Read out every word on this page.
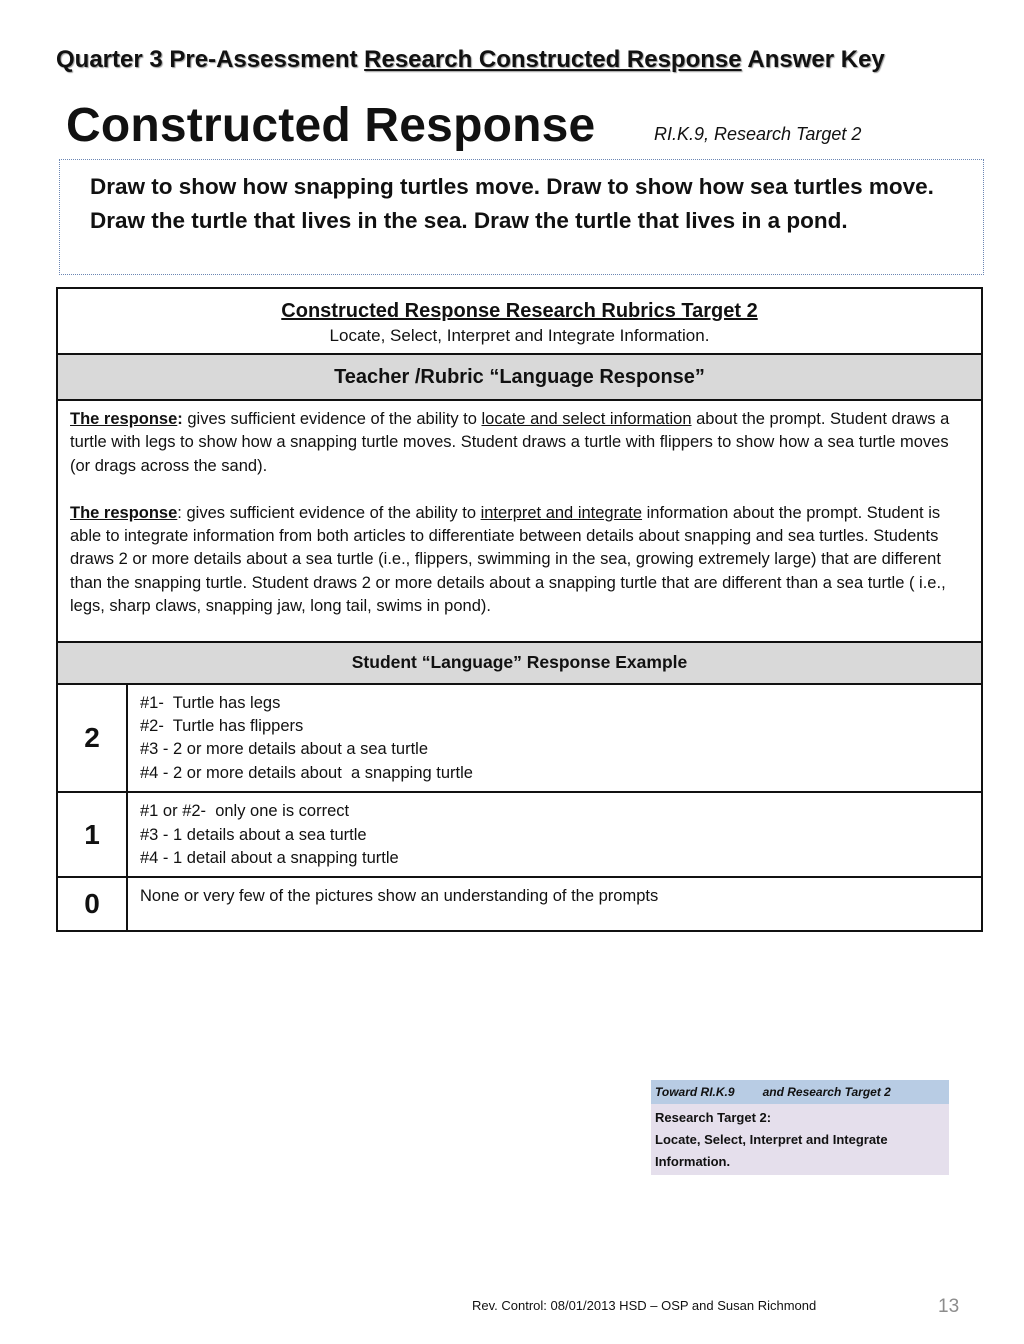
Quarter 3 Pre-Assessment Research Constructed Response Answer Key
Constructed Response	RI.K.9, Research Target 2
Draw to show how snapping turtles move. Draw to show how sea turtles move. Draw the turtle that lives in the sea. Draw the turtle that lives in a pond.
Constructed Response Research Rubrics Target 2
Locate, Select, Interpret and Integrate Information.	

Teacher /Rubric “Language Response”	

The response: gives sufficient evidence of the ability to locate and select information about the prompt. Student draws a turtle with legs to show how a snapping turtle moves. Student draws a turtle with flippers to show how a sea turtle moves (or drags across the sand).

The response: gives sufficient evidence of the ability to interpret and integrate information about the prompt. Student is able to integrate information from both articles to differentiate between details about snapping and sea turtles. Students draws 2 or more details about a sea turtle (i.e., flippers, swimming in the sea, growing extremely large) that are different than the snapping turtle. Student draws 2 or more details about a snapping turtle that are different than a sea turtle ( i.e., legs, sharp claws, snapping jaw, long tail, swims in pond).	

Student “Language” Response Example	
2	#1-  Turtle has legs
#2-  Turtle has flippers
#3 - 2 or more details about a sea turtle
#4 - 2 or more details about  a snapping turtle

1	#1 or #2-  only one is correct
#3 - 1 details about a sea turtle
#4 - 1 detail about a snapping turtle

0	None or very few of the pictures show an understanding of the prompts
Toward RI.K.9 and Research Target 2
Research Target 2:
Locate, Select, Interpret and Integrate
Information.
Rev. Control: 08/01/2013 HSD – OSP and Susan Richmond	13
